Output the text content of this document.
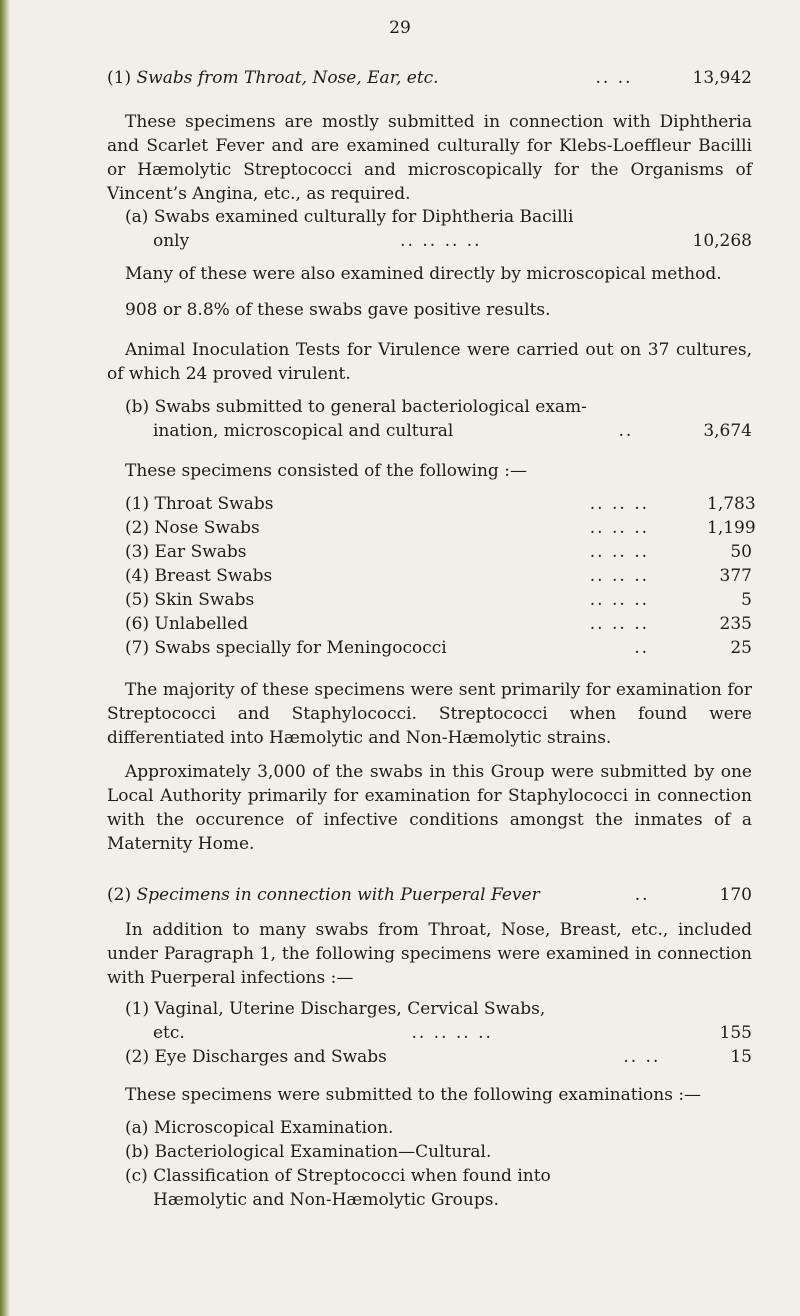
29
(1) Swabs from Throat, Nose, Ear, etc.	.. ..	13,942

These specimens are mostly submitted in connection with Diphtheria and Scarlet Fever and are examined culturally for Klebs-Loeffleur Bacilli or Hæmolytic Streptococci and microscopically for the Organisms of Vincent’s Angina, etc., as required.

(a) Swabs examined culturally for Diphtheria Bacilli
only	.. .. .. ..	10,268

Many of these were also examined directly by microscopical method.

908 or 8.8% of these swabs gave positive results.

Animal Inoculation Tests for Virulence were carried out on 37 cultures, of which 24 proved virulent.

(b) Swabs submitted to general bacteriological exam-
ination, microscopical and cultural	..	3,674

These specimens consisted of the following :—

(1) Throat Swabs	.. .. ..	1,783
(2) Nose Swabs	.. .. ..	1,199
(3) Ear Swabs	.. .. ..	50
(4) Breast Swabs	.. .. ..	377
(5) Skin Swabs	.. .. ..	5
(6) Unlabelled	.. .. ..	235
(7) Swabs specially for Meningococci	..	25

The majority of these specimens were sent primarily for examination for Streptococci and Staphylococci. Streptococci when found were differentiated into Hæmolytic and Non-Hæmolytic strains.

Approximately 3,000 of the swabs in this Group were submitted by one Local Authority primarily for examination for Staphylococci in connection with the occurence of infective conditions amongst the inmates of a Maternity Home.

(2) Specimens in connection with Puerperal Fever	..	170

In addition to many swabs from Throat, Nose, Breast, etc., included under Paragraph 1, the following specimens were examined in connection with Puerperal infections :—

(1) Vaginal, Uterine Discharges, Cervical Swabs,
etc.	.. .. .. ..	155
(2) Eye Discharges and Swabs	.. ..	15

These specimens were submitted to the following examinations :—

(a) Microscopical Examination.
(b) Bacteriological Examination—Cultural.
(c) Classification of Streptococci when found into
Hæmolytic and Non-Hæmolytic Groups.
